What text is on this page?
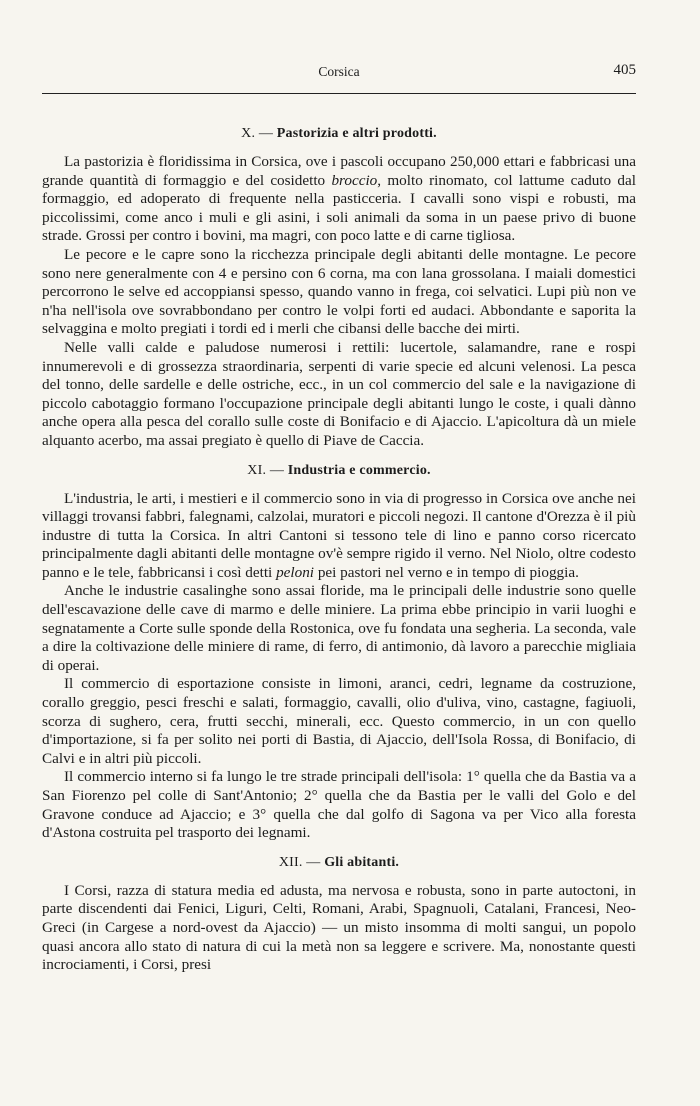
Corsica	405
X. — Pastorizia e altri prodotti.

La pastorizia è floridissima in Corsica, ove i pascoli occupano 250,000 ettari e fabbricasi una grande quantità di formaggio e del cosidetto broccio, molto rinomato, col lattume caduto dal formaggio, ed adoperato di frequente nella pasticceria. I cavalli sono vispi e robusti, ma piccolissimi, come anco i muli e gli asini, i soli animali da soma in un paese privo di buone strade. Grossi per contro i bovini, ma magri, con poco latte e di carne tigliosa.

Le pecore e le capre sono la ricchezza principale degli abitanti delle montagne. Le pecore sono nere generalmente con 4 e persino con 6 corna, ma con lana grossolana. I maiali domestici percorrono le selve ed accoppiansi spesso, quando vanno in frega, coi selvatici. Lupi più non ve n'ha nell'isola ove sovrabbondano per contro le volpi forti ed audaci. Abbondante e saporita la selvaggina e molto pregiati i tordi ed i merli che cibansi delle bacche dei mirti.

Nelle valli calde e paludose numerosi i rettili: lucertole, salamandre, rane e rospi innumerevoli e di grossezza straordinaria, serpenti di varie specie ed alcuni velenosi. La pesca del tonno, delle sardelle e delle ostriche, ecc., in un col commercio del sale e la navigazione di piccolo cabotaggio formano l'occupazione principale degli abitanti lungo le coste, i quali dànno anche opera alla pesca del corallo sulle coste di Bonifacio e di Ajaccio. L'apicoltura dà un miele alquanto acerbo, ma assai pregiato è quello di Piave de Caccia.

XI. — Industria e commercio.

L'industria, le arti, i mestieri e il commercio sono in via di progresso in Corsica ove anche nei villaggi trovansi fabbri, falegnami, calzolai, muratori e piccoli negozi. Il cantone d'Orezza è il più industre di tutta la Corsica. In altri Cantoni si tessono tele di lino e panno corso ricercato principalmente dagli abitanti delle montagne ov'è sempre rigido il verno. Nel Niolo, oltre codesto panno e le tele, fabbricansi i così detti peloni pei pastori nel verno e in tempo di pioggia.

Anche le industrie casalinghe sono assai floride, ma le principali delle industrie sono quelle dell'escavazione delle cave di marmo e delle miniere. La prima ebbe principio in varii luoghi e segnatamente a Corte sulle sponde della Rostonica, ove fu fondata una segheria. La seconda, vale a dire la coltivazione delle miniere di rame, di ferro, di antimonio, dà lavoro a parecchie migliaia di operai.

Il commercio di esportazione consiste in limoni, aranci, cedri, legname da costruzione, corallo greggio, pesci freschi e salati, formaggio, cavalli, olio d'uliva, vino, castagne, fagiuoli, scorza di sughero, cera, frutti secchi, minerali, ecc. Questo commercio, in un con quello d'importazione, si fa per solito nei porti di Bastia, di Ajaccio, dell'Isola Rossa, di Bonifacio, di Calvi e in altri più piccoli.

Il commercio interno si fa lungo le tre strade principali dell'isola: 1° quella che da Bastia va a San Fiorenzo pel colle di Sant'Antonio; 2° quella che da Bastia per le valli del Golo e del Gravone conduce ad Ajaccio; e 3° quella che dal golfo di Sagona va per Vico alla foresta d'Astona costruita pel trasporto dei legnami.

XII. — Gli abitanti.

I Corsi, razza di statura media ed adusta, ma nervosa e robusta, sono in parte autoctoni, in parte discendenti dai Fenici, Liguri, Celti, Romani, Arabi, Spagnuoli, Catalani, Francesi, Neo-Greci (in Cargese a nord-ovest da Ajaccio) — un misto insomma di molti sangui, un popolo quasi ancora allo stato di natura di cui la metà non sa leggere e scrivere. Ma, nonostante questi incrociamenti, i Corsi, presi
